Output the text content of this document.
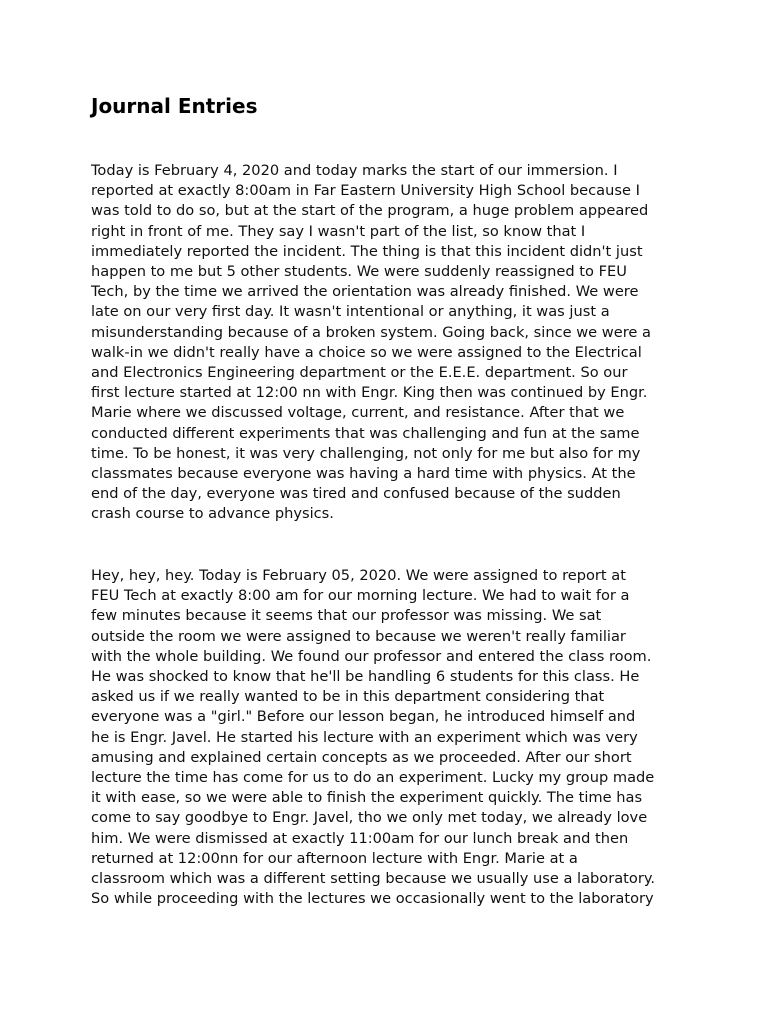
Journal Entries

Today is February 4, 2020 and today marks the start of our immersion. I
reported at exactly 8:00am in Far Eastern University High School because I
was told to do so, but at the start of the program, a huge problem appeared
right in front of me. They say I wasn't part of the list, so know that I
immediately reported the incident. The thing is that this incident didn't just
happen to me but 5 other students. We were suddenly reassigned to FEU
Tech, by the time we arrived the orientation was already finished. We were
late on our very first day. It wasn't intentional or anything, it was just a
misunderstanding because of a broken system. Going back, since we were a
walk-in we didn't really have a choice so we were assigned to the Electrical
and Electronics Engineering department or the E.E.E. department. So our
first lecture started at 12:00 nn with Engr. King then was continued by Engr.
Marie where we discussed voltage, current, and resistance. After that we
conducted different experiments that was challenging and fun at the same
time. To be honest, it was very challenging, not only for me but also for my
classmates because everyone was having a hard time with physics. At the
end of the day, everyone was tired and confused because of the sudden
crash course to advance physics.

Hey, hey, hey. Today is February 05, 2020. We were assigned to report at
FEU Tech at exactly 8:00 am for our morning lecture. We had to wait for a
few minutes because it seems that our professor was missing. We sat
outside the room we were assigned to because we weren't really familiar
with the whole building. We found our professor and entered the class room.
He was shocked to know that he'll be handling 6 students for this class. He
asked us if we really wanted to be in this department considering that
everyone was a "girl." Before our lesson began, he introduced himself and
he is Engr. Javel. He started his lecture with an experiment which was very
amusing and explained certain concepts as we proceeded. After our short
lecture the time has come for us to do an experiment. Lucky my group made
it with ease, so we were able to finish the experiment quickly. The time has
come to say goodbye to Engr. Javel, tho we only met today, we already love
him. We were dismissed at exactly 11:00am for our lunch break and then
returned at 12:00nn for our afternoon lecture with Engr. Marie at a
classroom which was a different setting because we usually use a laboratory.
So while proceeding with the lectures we occasionally went to the laboratory
